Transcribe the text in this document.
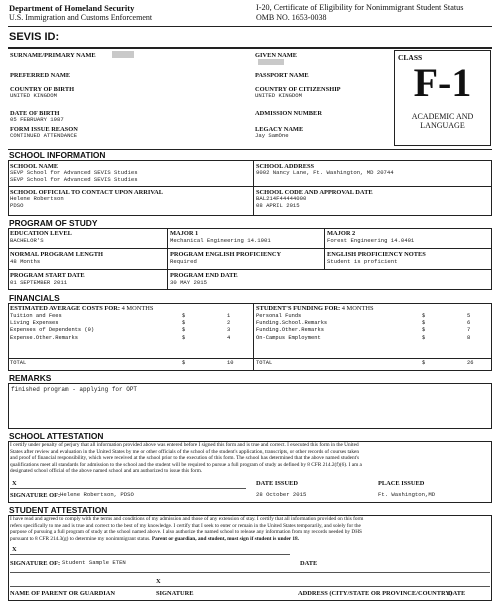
Department of Homeland Security
U.S. Immigration and Customs Enforcement
I-20, Certificate of Eligibility for Nonimmigrant Student Status
OMB NO. 1653-0038
SEVIS ID:
SURNAME/PRIMARY NAME	GIVEN NAME
PREFERRED NAME	PASSPORT NAME
COUNTRY OF BIRTH
UNITED KINGDOM
COUNTRY OF CITIZENSHIP
UNITED KINGDOM
DATE OF BIRTH
05 FEBRUARY 1987
ADMISSION NUMBER
FORM ISSUE REASON
CONTINUED ATTENDANCE
LEGACY NAME
Jay SamOne
CLASS
F-1
ACADEMIC AND
LANGUAGE
SCHOOL INFORMATION
SCHOOL NAME
SEVP School for Advanced SEVIS Studies
SEVP School for Advanced SEVIS Studies
SCHOOL ADDRESS
9002 Nancy Lane, Ft. Washington, MD 20744
SCHOOL OFFICIAL TO CONTACT UPON ARRIVAL
Helene Robertson
PDSO
SCHOOL CODE AND APPROVAL DATE
BAL214F44444000
08 APRIL 2015
PROGRAM OF STUDY
EDUCATION LEVEL
BACHELOR'S
MAJOR 1
Mechanical Engineering 14.1901
MAJOR 2
Forest Engineering 14.0401
NORMAL PROGRAM LENGTH
48 Months
PROGRAM ENGLISH PROFICIENCY
Required
ENGLISH PROFICIENCY NOTES
Student is proficient
PROGRAM START DATE
01 SEPTEMBER 2011
PROGRAM END DATE
30 MAY 2015
FINANCIALS
ESTIMATED AVERAGE COSTS FOR: 4 MONTHS	STUDENT'S FUNDING FOR: 4 MONTHS
Tuition and Fees	$	1
Living Expenses	$	2
Expenses of Dependents (0)	$	3
Expense.Other.Remarks	$	4
Personal Funds	$	5
Funding.School.Remarks	$	6
Funding.Other.Remarks	$	7
On-Campus Employment	$	8
TOTAL	$	10	TOTAL	$	26
REMARKS
finished program - applying for OPT
SCHOOL ATTESTATION
I certify under penalty of perjury that all information provided above was entered before I signed this form and is true and correct. I executed this form in the United
States after review and evaluation in the United States by me or other officials of the school of the student's application, transcripts, or other records of courses taken
and proof of financial responsibility, which were received at the school prior to the execution of this form. The school has determined that the above named student's
qualifications meet all standards for admission to the school and the student will be required to pursue a full program of study as defined by 8 CFR 214.2(f)(6). I am a
designated school official of the above named school and am authorized to issue this form.
X
SIGNATURE OF: Helene Robertson, PDSO
DATE ISSUED
28 October 2015
PLACE ISSUED
Ft. Washington,MD
STUDENT ATTESTATION
I have read and agreed to comply with the terms and conditions of my admission and those of any extension of stay. I certify that all information provided on this form
refers specifically to me and is true and correct to the best of my knowledge. I certify that I seek to enter or remain in the United States temporarily, and solely for the
purpose of pursuing a full program of study at the school named above. I also authorize the named school to release any information from my records needed by DHS
pursuant to 8 CFR 214.3(g) to determine my nonimmigrant status. Parent or guardian, and student, must sign if student is under 18.
X
SIGNATURE OF: Student Sample ETEN	DATE
X
NAME OF PARENT OR GUARDIAN	SIGNATURE	ADDRESS (CITY/STATE OR PROVINCE/COUNTRY)
DATE
